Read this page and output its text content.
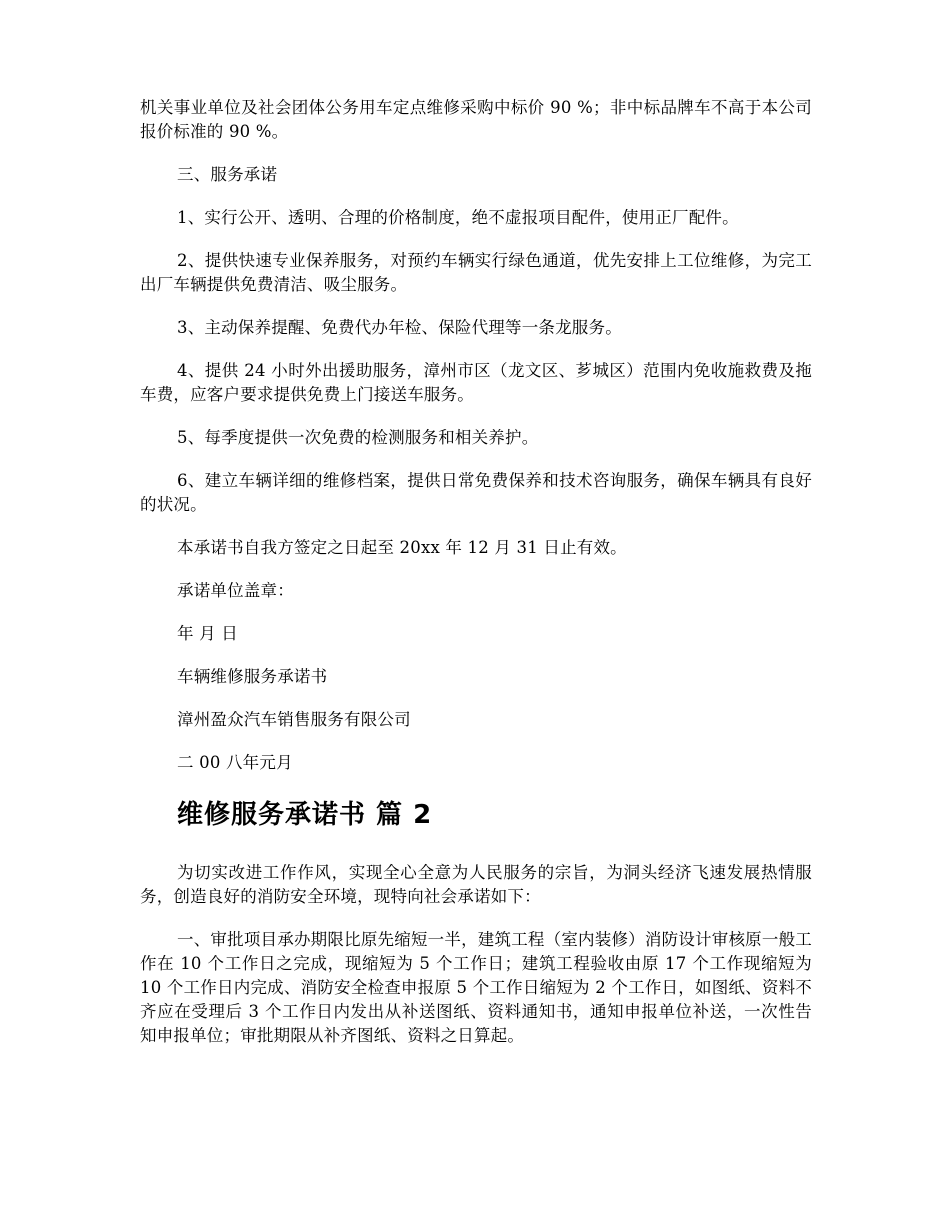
机关事业单位及社会团体公务用车定点维修采购中标价 90 %；非中标品牌车不高于本公司报价标准的 90 %。

三、服务承诺

1、实行公开、透明、合理的价格制度，绝不虚报项目配件，使用正厂配件。

2、提供快速专业保养服务，对预约车辆实行绿色通道，优先安排上工位维修，为完工出厂车辆提供免费清洁、吸尘服务。

3、主动保养提醒、免费代办年检、保险代理等一条龙服务。

4、提供 24 小时外出援助服务，漳州市区（龙文区、芗城区）范围内免收施救费及拖车费，应客户要求提供免费上门接送车服务。

5、每季度提供一次免费的检测服务和相关养护。

6、建立车辆详细的维修档案，提供日常免费保养和技术咨询服务，确保车辆具有良好的状况。

本承诺书自我方签定之日起至 20xx 年 12 月 31 日止有效。

承诺单位盖章：

年 月 日

车辆维修服务承诺书

漳州盈众汽车销售服务有限公司

二 00 八年元月

维修服务承诺书 篇 2

为切实改进工作作风，实现全心全意为人民服务的宗旨，为洞头经济飞速发展热情服务，创造良好的消防安全环境，现特向社会承诺如下：

一、审批项目承办期限比原先缩短一半，建筑工程（室内装修）消防设计审核原一般工作在 10 个工作日之完成，现缩短为 5 个工作日；建筑工程验收由原 17 个工作现缩短为 10 个工作日内完成、消防安全检查申报原 5 个工作日缩短为 2 个工作日，如图纸、资料不齐应在受理后 3 个工作日内发出从补送图纸、资料通知书，通知申报单位补送，一次性告知申报单位；审批期限从补齐图纸、资料之日算起。
